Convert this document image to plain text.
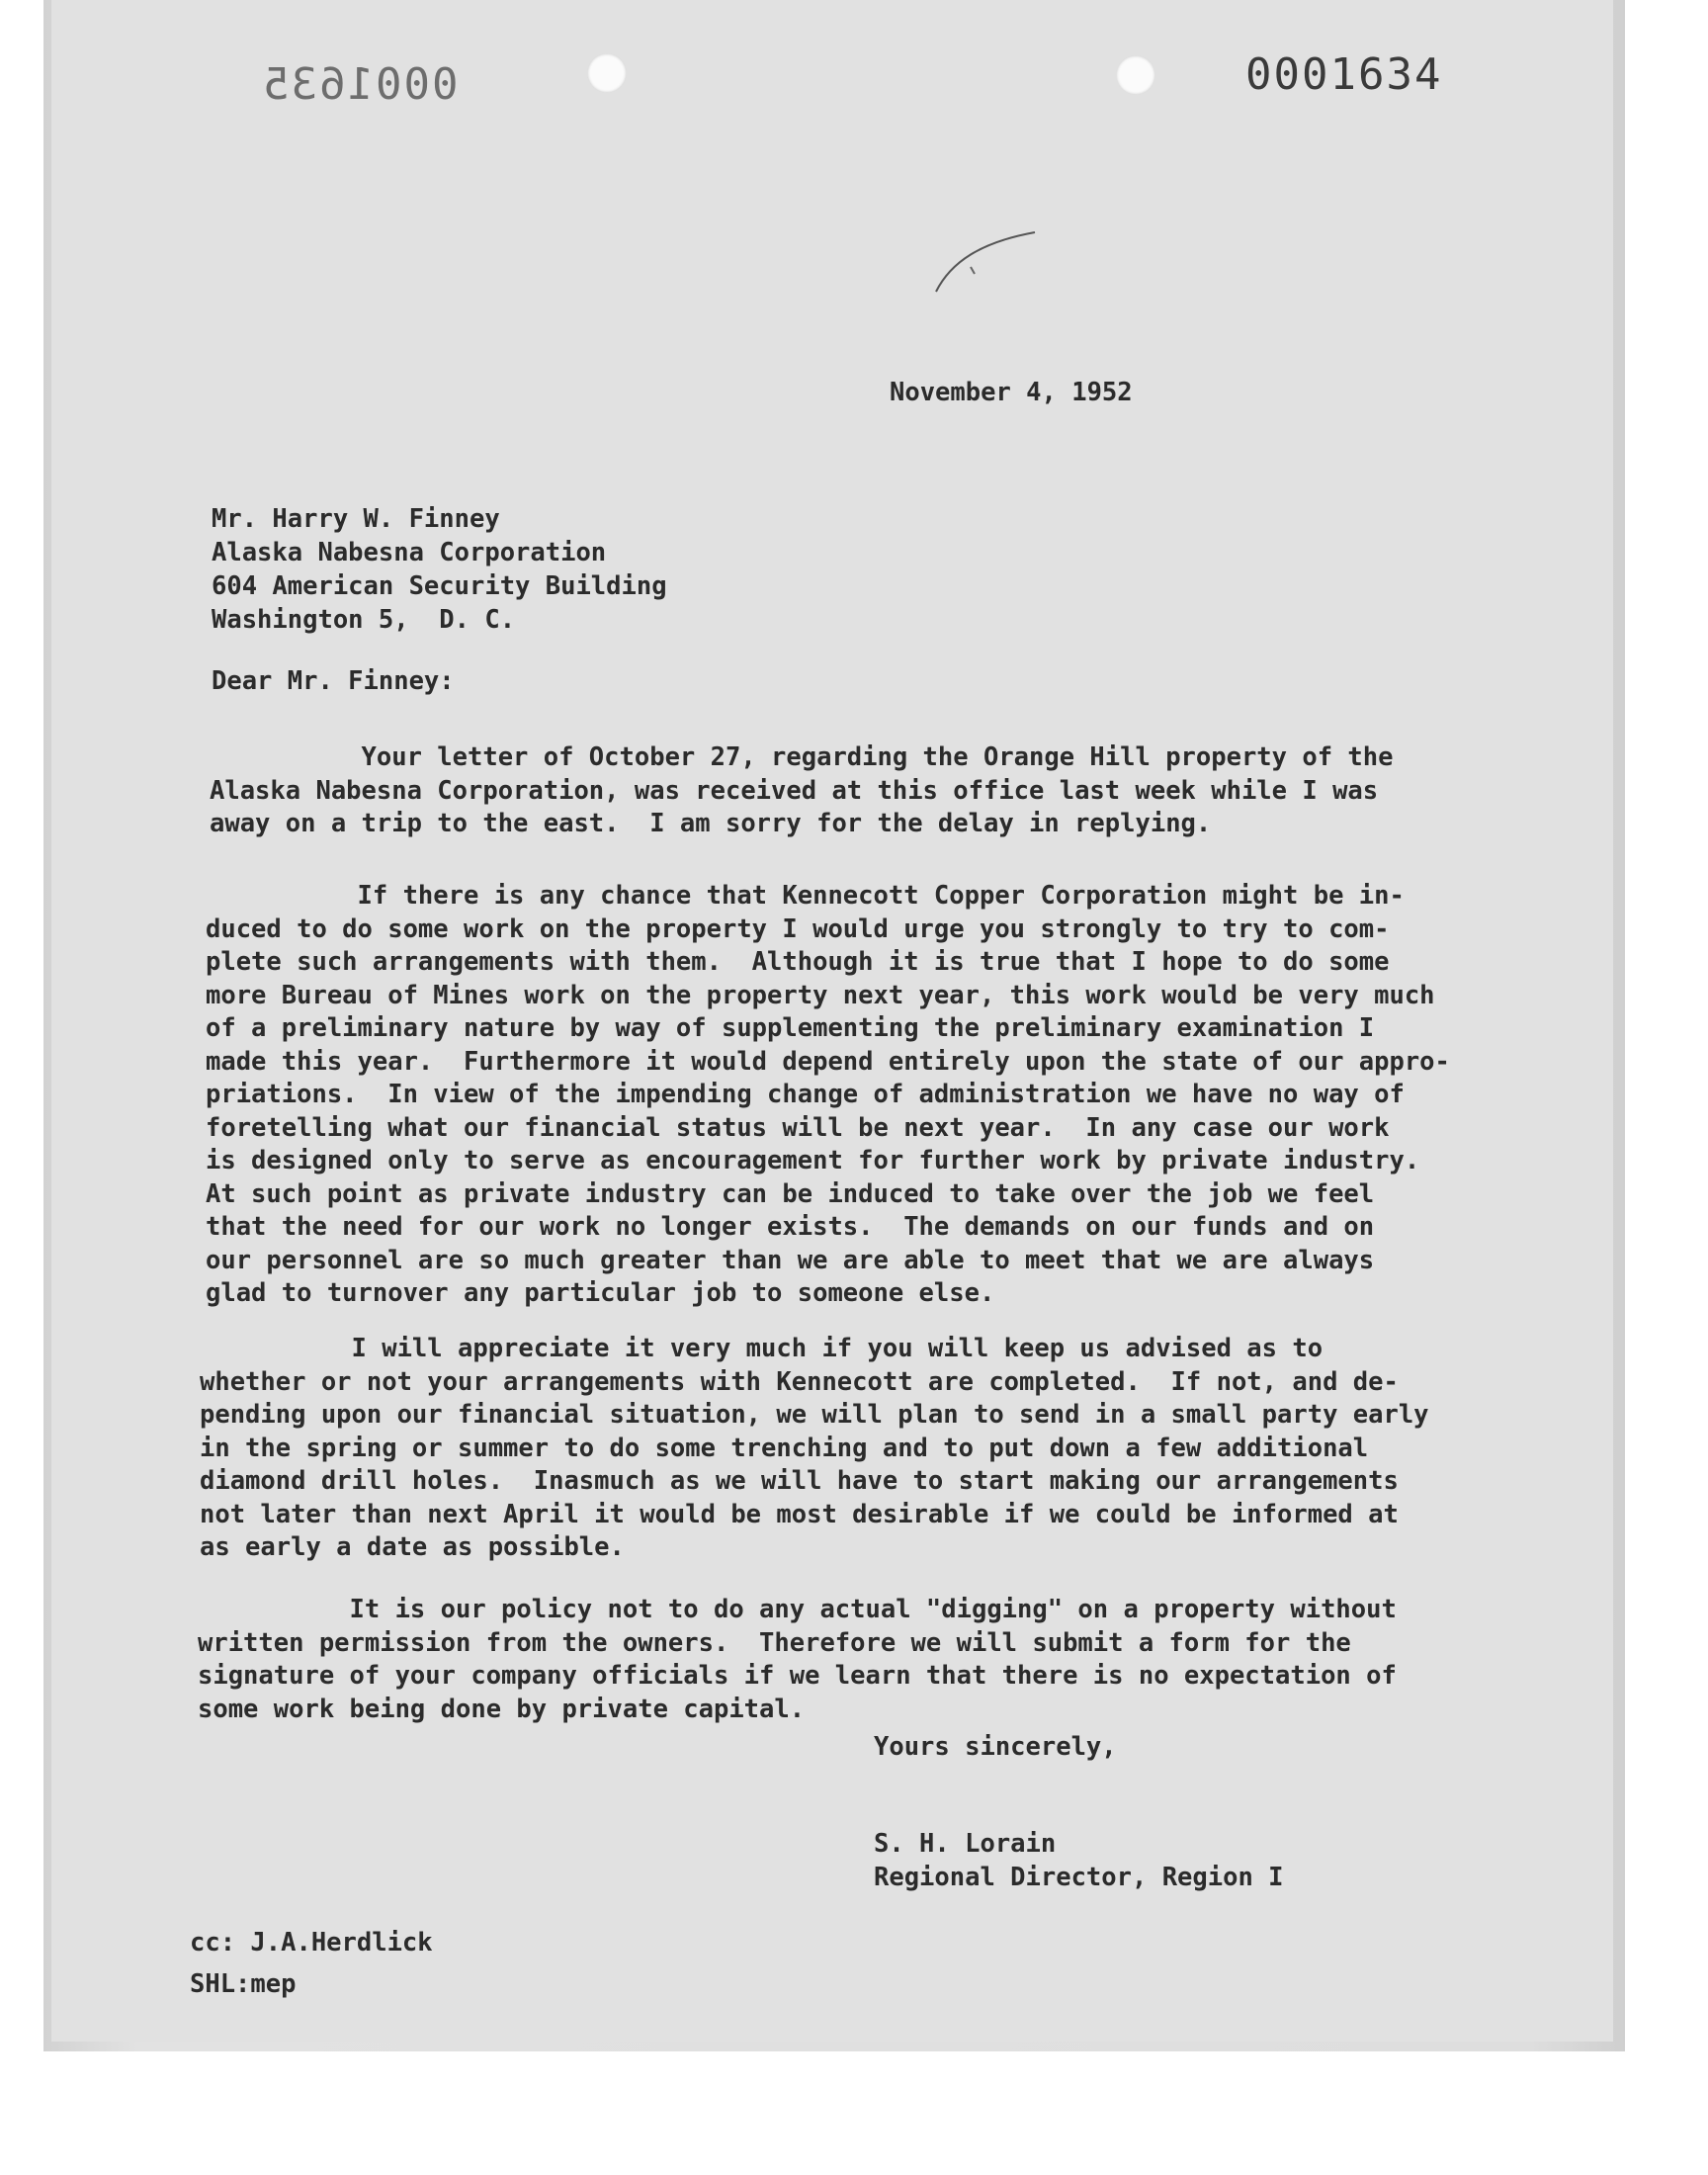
0001635	0001634
November 4, 1952
Mr. Harry W. Finney
Alaska Nabesna Corporation
604 American Security Building
Washington 5,  D. C.
Dear Mr. Finney:
Your letter of October 27, regarding the Orange Hill property of the
Alaska Nabesna Corporation, was received at this office last week while I was
away on a trip to the east.  I am sorry for the delay in replying.
If there is any chance that Kennecott Copper Corporation might be in-
duced to do some work on the property I would urge you strongly to try to com-
plete such arrangements with them.  Although it is true that I hope to do some
more Bureau of Mines work on the property next year, this work would be very much
of a preliminary nature by way of supplementing the preliminary examination I
made this year.  Furthermore it would depend entirely upon the state of our appro-
priations.  In view of the impending change of administration we have no way of
foretelling what our financial status will be next year.  In any case our work
is designed only to serve as encouragement for further work by private industry.
At such point as private industry can be induced to take over the job we feel
that the need for our work no longer exists.  The demands on our funds and on
our personnel are so much greater than we are able to meet that we are always
glad to turnover any particular job to someone else.
I will appreciate it very much if you will keep us advised as to
whether or not your arrangements with Kennecott are completed.  If not, and de-
pending upon our financial situation, we will plan to send in a small party early
in the spring or summer to do some trenching and to put down a few additional
diamond drill holes.  Inasmuch as we will have to start making our arrangements
not later than next April it would be most desirable if we could be informed at
as early a date as possible.
It is our policy not to do any actual "digging" on a property without
written permission from the owners.  Therefore we will submit a form for the
signature of your company officials if we learn that there is no expectation of
some work being done by private capital.
Yours sincerely,
S. H. Lorain
Regional Director, Region I
cc: J.A.Herdlick
SHL:mep
